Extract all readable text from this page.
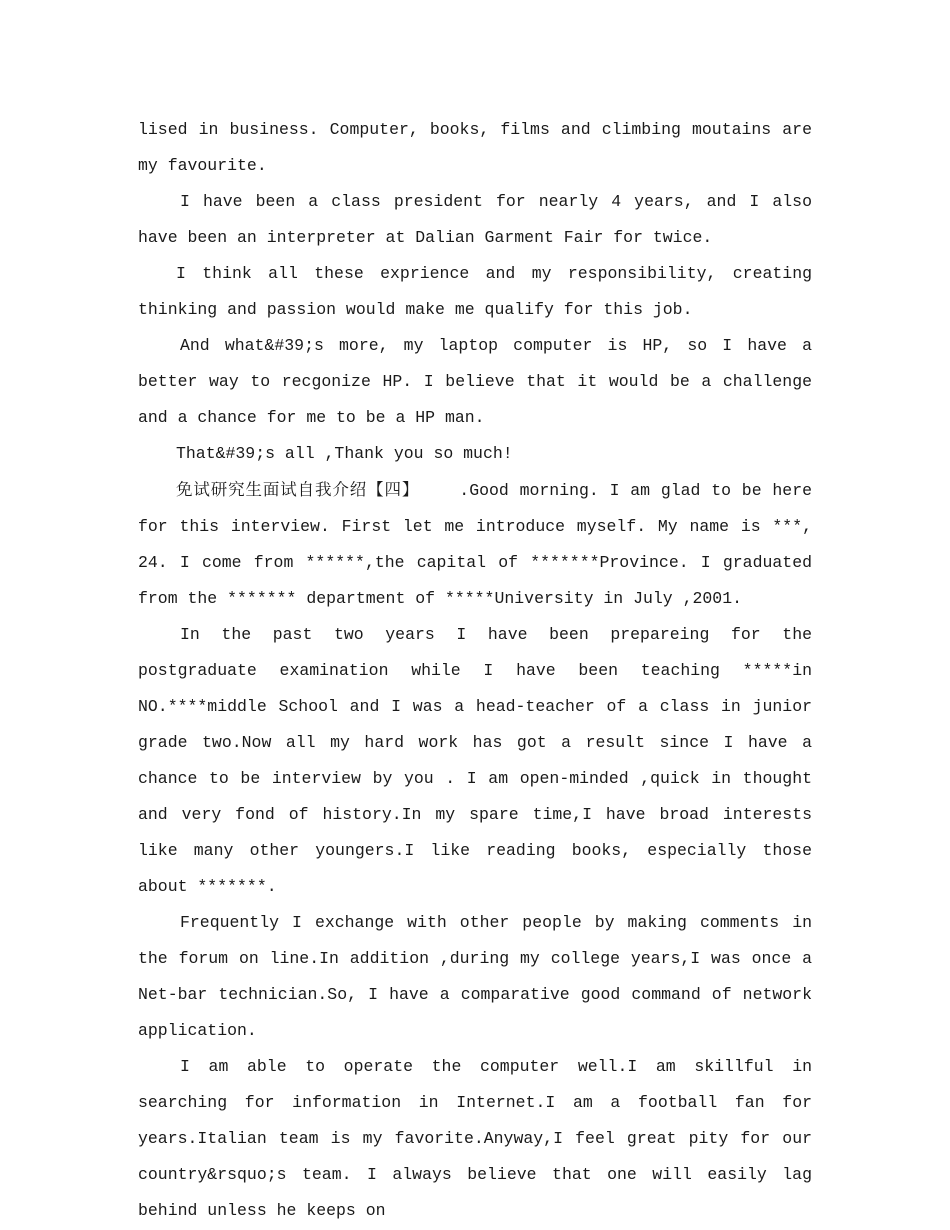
lised in business. Computer, books, films and climbing moutains are my favourite.

I have been a class president for nearly 4 years, and I also have been an interpreter at Dalian Garment Fair for twice.

I think all these exprience and my responsibility, creating thinking and passion would make me qualify for this job.

And what&#39;s more, my laptop computer is HP, so I have a better way to recgonize HP. I believe that it would be a challenge and a chance for me to be a HP man.

That&#39;s all ,Thank you so much!

免试研究生面试自我介绍【四】 .Good morning. I am glad to be here for this interview. First let me introduce myself. My name is ***, 24. I come from ******,the capital of *******Province. I graduated from the ******* department of *****University in July ,2001.

In the past two years I have been prepareing for the postgraduate examination while I have been teaching *****in NO.****middle School and I was a head-teacher of a class in junior grade two.Now all my hard work has got a result since I have a chance to be interview by you . I am open-minded ,quick in thought and very fond of history.In my spare time,I have broad interests like many other youngers.I like reading books, especially those about *******.

Frequently I exchange with other people by making comments in the forum on line.In addition ,during my college years,I was once a Net-bar technician.So, I have a comparative good command of network application.

I am able to operate the computer well.I am skillful in searching for information in Internet.I am a football fan for years.Italian team is my favorite.Anyway,I feel great pity for our country&rsquo;s team. I always believe that one will easily lag behind unless he keeps on
